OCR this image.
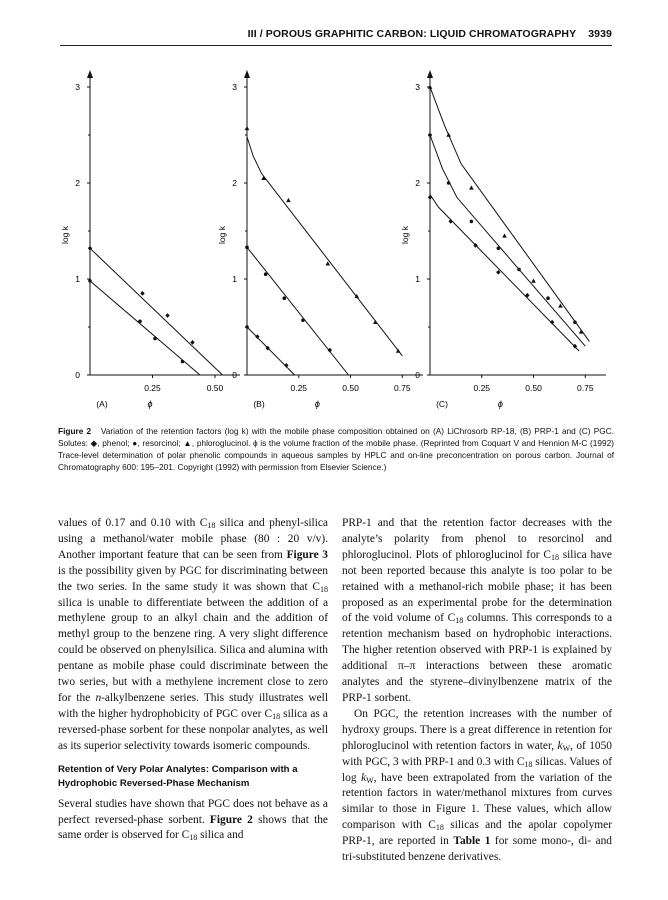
III / POROUS GRAPHITIC CARBON: LIQUID CHROMATOGRAPHY 3939
0
1
2
3
0.25	0.50
log k
(A)	ϕ
0
1
2
3
0.25	0.50	0.75
log k
(B)	ϕ
0
1
2
3
0.25	0.50	0.75
log k
(C)	ϕ
Figure 2 Variation of the retention factors (log k) with the mobile phase composition obtained on (A) LiChrosorb RP-18, (B) PRP-1 and (C) PGC. Solutes: ◆, phenol; ●, resorcinol; ▲, phloroglucinol. ϕ is the volume fraction of the mobile phase. (Reprinted from Coquart V and Hennion M-C (1992) Trace-level determination of polar phenolic compounds in aqueous samples by HPLC and on-line preconcentration on porous carbon. Journal of Chromatography 600: 195–201. Copyright (1992) with permission from Elsevier Science.)

values of 0.17 and 0.10 with C18 silica and phenyl-silica using a methanol/water mobile phase (80 : 20 v/v). Another important feature that can be seen from Figure 3 is the possibility given by PGC for discriminating between the two series. In the same study it was shown that C18 silica is unable to differentiate between the addition of a methylene group to an alkyl chain and the addition of methyl group to the benzene ring. A very slight difference could be observed on phenylsilica. Silica and alumina with pentane as mobile phase could discriminate between the two series, but with a methylene increment close to zero for the n-alkylbenzene series. This study illustrates well with the higher hydrophobicity of PGC over C18 silica as a reversed-phase sorbent for these nonpolar analytes, as well as its superior selectivity towards isomeric compounds.

Retention of Very Polar Analytes: Comparison with a Hydrophobic Reversed-Phase Mechanism

Several studies have shown that PGC does not behave as a perfect reversed-phase sorbent. Figure 2 shows that the same order is observed for C18 silica and

PRP-1 and that the retention factor decreases with the analyte’s polarity from phenol to resorcinol and phloroglucinol. Plots of phloroglucinol for C18 silica have not been reported because this analyte is too polar to be retained with a methanol-rich mobile phase; it has been proposed as an experimental probe for the determination of the void volume of C18 columns. This corresponds to a retention mechanism based on hydrophobic interactions. The higher retention observed with PRP-1 is explained by additional π–π interactions between these aromatic analytes and the styrene–divinylbenzene matrix of the PRP-1 sorbent.

On PGC, the retention increases with the number of hydroxy groups. There is a great difference in retention for phloroglucinol with retention factors in water, kW, of 1050 with PGC, 3 with PRP-1 and 0.3 with C18 silicas. Values of log kW, have been extrapolated from the variation of the retention factors in water/methanol mixtures from curves similar to those in Figure 1. These values, which allow comparison with C18 silicas and the apolar copolymer PRP-1, are reported in Table 1 for some mono-, di- and tri-substituted benzene derivatives.
